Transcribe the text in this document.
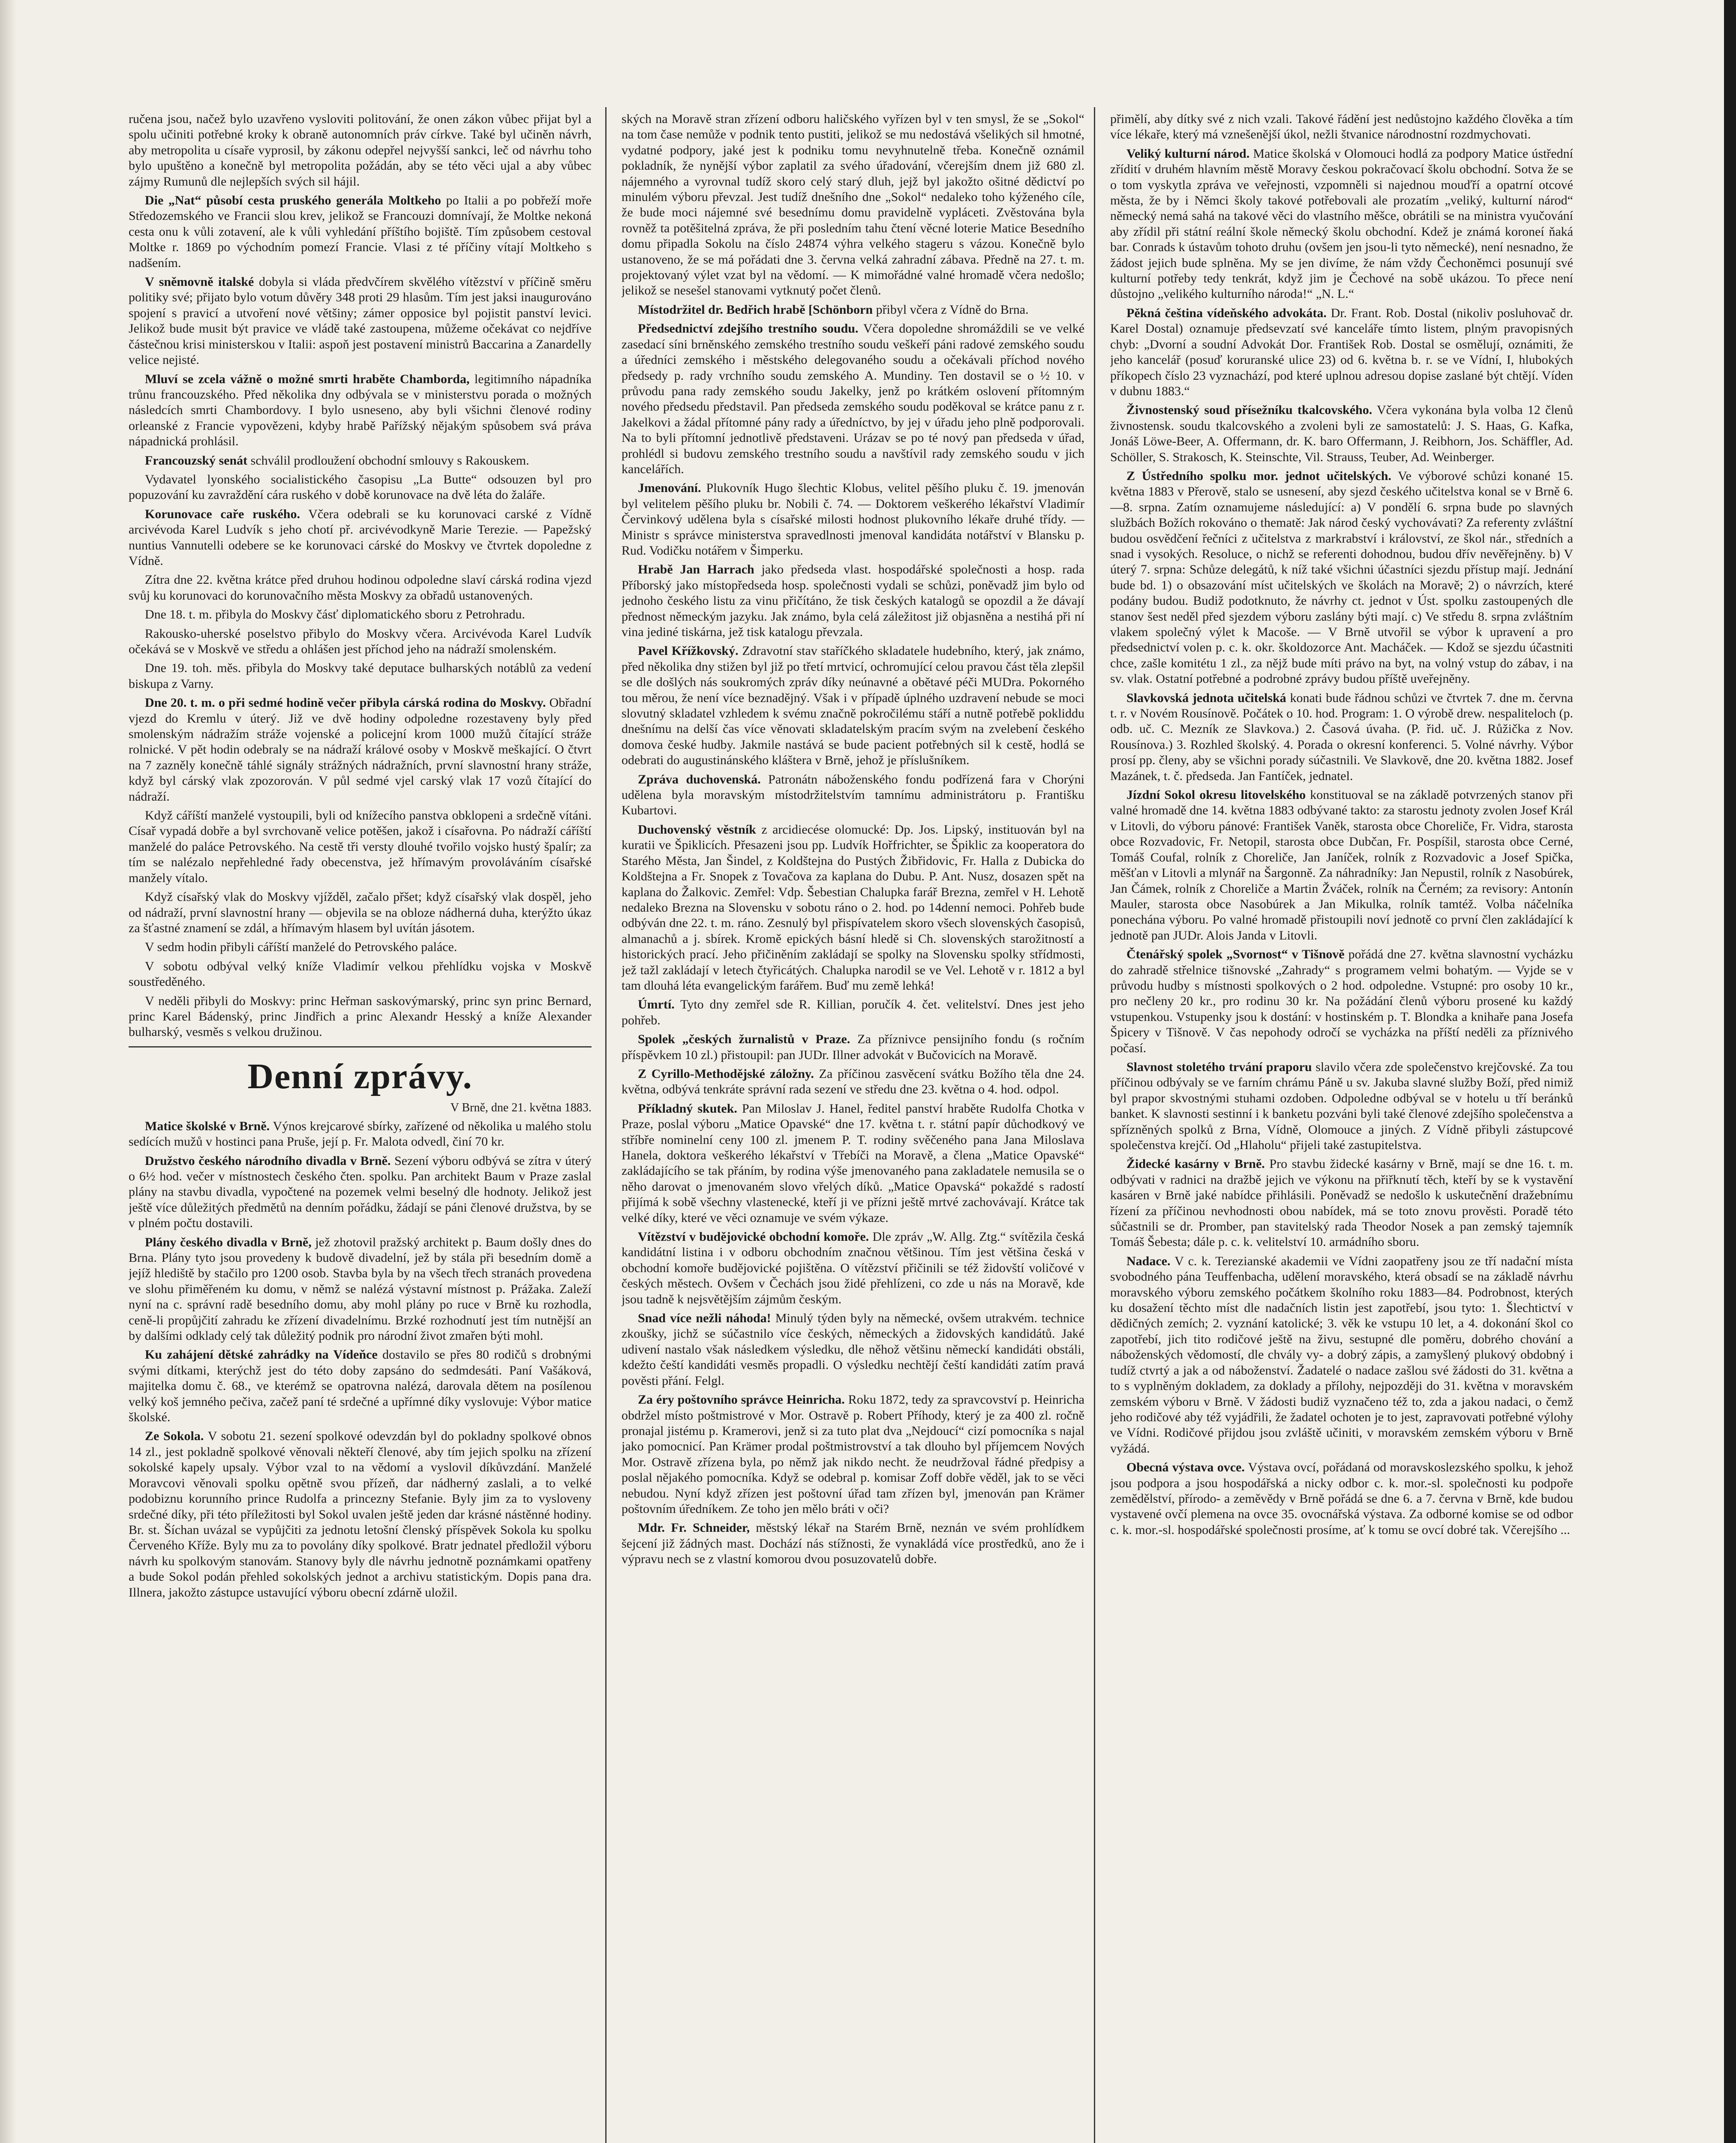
ručena jsou, načež bylo uzavřeno vysloviti politování, že onen zákon vůbec přijat byl a spolu učiniti potřebné kroky k obraně autonomních práv církve. Také byl učiněn návrh, aby metropolita u císaře vyprosil, by zákonu odepřel nejvyšší sankci, leč od návrhu toho bylo upuštěno a konečně byl metropolita požádán, aby se této věci ujal a aby vůbec zájmy Rumunů dle nejlepších svých sil hájil.

Die „Nat“ působí cesta pruského generála Moltkeho po Italii a po pobřeží moře Středozemského ve Francii slou krev, jelikož se Francouzi domnívají, že Moltke nekoná cesta onu k vůli zotavení, ale k vůli vyhledání příštího bojiště. Tím způsobem cestoval Moltke r. 1869 po východním pomezí Francie. Vlasi z té příčiny vítají Moltkeho s nadšením.

V sněmovně italské dobyla si vláda předvčírem skvělého vítězství v příčině směru politiky své; přijato bylo votum důvěry 348 proti 29 hlasům. Tím jest jaksi inaugurováno spojení s pravicí a utvoření nové většiny; zámer opposice byl pojistit panství levici. Jelikož bude musit být pravice ve vládě také zastoupena, můžeme očekávat co nejdříve částečnou krisi ministerskou v Italii: aspoň jest postavení ministrů Baccarina a Zanardelly velice nejisté.

Mluví se zcela vážně o možné smrti hraběte Chamborda, legitimního nápadníka trůnu francouzského. Před několika dny odbývala se v ministerstvu porada o možných následcích smrti Chambordovy. I bylo usneseno, aby byli všichni členové rodiny orleanské z Francie vypovězeni, kdyby hrabě Pařížský nějakým spůsobem svá práva nápadnická prohlásil.

Francouzský senát schválil prodloužení obchodní smlouvy s Rakouskem.

Vydavatel lyonského socialistického časopisu „La Butte“ odsouzen byl pro popuzování ku zavraždění cára ruského v době korunovace na dvě léta do žaláře.

Korunovace caře ruského. Včera odebrali se ku korunovaci carské z Vídně arcivévoda Karel Ludvík s jeho chotí př. arcivévodkyně Marie Terezie. — Papežský nuntius Vannutelli odebere se ke korunovaci cárské do Moskvy ve čtvrtek dopoledne z Vídně.

Zítra dne 22. května krátce před druhou hodinou odpoledne slaví cárská rodina vjezd svůj ku korunovaci do korunovačního města Moskvy za obřadů ustanovených.

Dne 18. t. m. přibyla do Moskvy čásť diplomatického sboru z Petrohradu.

Rakousko-uherské poselstvo přibylo do Moskvy včera. Arcivévoda Karel Ludvík očekává se v Moskvě ve středu a ohlášen jest příchod jeho na nádraží smolenském.

Dne 19. toh. měs. přibyla do Moskvy také deputace bulharských notáblů za vedení biskupa z Varny.

Dne 20. t. m. o při sedmé hodině večer přibyla cárská rodina do Moskvy. Obřadní vjezd do Kremlu v úterý. Již ve dvě hodiny odpoledne rozestaveny byly před smolenským nádražím stráže vojenské a policejní krom 1000 mužů čítající stráže rolnické. V pět hodin odebraly se na nádraží králové osoby v Moskvě meškající. O čtvrt na 7 zazněly konečně táhlé signály strážných nádražních, první slavnostní hrany stráže, když byl cárský vlak zpozorován. V půl sedmé vjel carský vlak 17 vozů čítající do nádraží.

Když cáříští manželé vystoupili, byli od knížecího panstva obklopeni a srdečně vítáni. Císař vypadá dobře a byl svrchovaně velice potěšen, jakož i císařovna. Po nádraží cáříští manželé do paláce Petrovského. Na cestě tři versty dlouhé tvořilo vojsko hustý špalír; za tím se nalézalo nepřehledné řady obecenstva, jež hřímavým provoláváním císařské manžely vítalo.

Když císařský vlak do Moskvy vjížděl, začalo přšet; když císařský vlak dospěl, jeho od nádraží, první slavnostní hrany — objevila se na obloze nádherná duha, kterýžto úkaz za šťastné znamení se zdál, a hřímavým hlasem byl uvítán jásotem.

V sedm hodin přibyli cáříští manželé do Petrovského paláce.

V sobotu odbýval velký kníže Vladimír velkou přehlídku vojska v Moskvě soustředěného.

V neděli přibyli do Moskvy: princ Heřman saskovýmarský, princ syn princ Bernard, princ Karel Bádenský, princ Jindřich a princ Alexandr Hesský a kníže Alexander bulharský, vesměs s velkou družinou.

Denní zprávy.
V Brně, dne 21. května 1883.

Matice školské v Brně. Výnos krejcarové sbírky, zařízené od několika u malého stolu sedících mužů v hostinci pana Pruše, její p. Fr. Malota odvedl, činí 70 kr.

Družstvo českého národního divadla v Brně. Sezení výboru odbývá se zítra v úterý o 6½ hod. večer v místnostech českého čten. spolku. Pan architekt Baum v Praze zaslal plány na stavbu divadla, vypočtené na pozemek velmi beselný dle hodnoty. Jelikož jest ještě více důležitých předmětů na denním pořádku, žádají se páni členové družstva, by se v plném počtu dostavili.

Plány českého divadla v Brně, jež zhotovil pražský architekt p. Baum došly dnes do Brna. Plány tyto jsou provedeny k budově divadelní, jež by stála při besedním domě a jejíž hlediště by stačilo pro 1200 osob. Stavba byla by na všech třech stranách provedena ve slohu přiměřeném ku domu, v němž se nalézá výstavní místnost p. Prážaka. Zaleží nyní na c. správní radě besedního domu, aby mohl plány po ruce v Brně ku rozhodla, ceně-li propůjčití zahradu ke zřízení divadelnímu. Brzké rozhodnutí jest tím nutnější an by dalšími odklady celý tak důležitý podnik pro národní život zmařen býti mohl.

Ku zahájení dětské zahrádky na Vídeňce dostavilo se přes 80 rodičů s drobnými svými dítkami, kterýchž jest do této doby zapsáno do sedmdesáti. Paní Vašáková, majitelka domu č. 68., ve kterémž se opatrovna nalézá, darovala dětem na posílenou velký koš jemného pečiva, začež paní té srdečné a upřímné díky vyslovuje: Výbor matice školské.

Ze Sokola. V sobotu 21. sezení spolkové odevzdán byl do pokladny spolkové obnos 14 zl., jest pokladně spolkové věnovali někteří členové, aby tím jejich spolku na zřízení sokolské kapely upsaly. Výbor vzal to na vědomí a vyslovil díkůvzdání. Manželé Moravcovi věnovali spolku opětně svou přízeň, dar nádherný zaslali, a to velké podobiznu korunního prince Rudolfa a princezny Stefanie. Byly jim za to vysloveny srdečné díky, při této příležitosti byl Sokol uvalen ještě jeden dar krásné nástěnné hodiny. Br. st. Šíchan uvázal se vypůjčiti za jednotu letošní členský příspěvek Sokola ku spolku Červeného Kříže. Byly mu za to povolány díky spolkové. Bratr jednatel předložil výboru návrh ku spolkovým stanovám. Stanovy byly dle návrhu jednotně poznámkami opatřeny a bude Sokol podán přehled sokolských jednot a archivu statistickým. Dopis pana dra. Illnera, jakožto zástupce ustavující výboru obecní zdárně uložil.

ských na Moravě stran zřízení odboru haličského vyřízen byl v ten smysl, že se „Sokol“ na tom čase nemůže v podnik tento pustiti, jelikož se mu nedostává všelikých sil hmotné, vydatné podpory, jaké jest k podniku tomu nevyhnutelně třeba. Konečně oznámil pokladník, že nynější výbor zaplatil za svého úřadování, včerejším dnem již 680 zl. nájemného a vyrovnal tudíž skoro celý starý dluh, jejž byl jakožto ošitné dědictví po minulém výboru převzal. Jest tudíž dnešního dne „Sokol“ nedaleko toho kýženého cíle, že bude moci nájemné své besednímu domu pravidelně vypláceti. Zvěstována byla rovněž ta potěšitelná zpráva, že při posledním tahu čtení věcné loterie Matice Besedního domu připadla Sokolu na číslo 24874 výhra velkého stageru s vázou. Konečně bylo ustanoveno, že se má pořádati dne 3. června velká zahradní zábava. Předně na 27. t. m. projektovaný výlet vzat byl na vědomí. — K mimořádné valné hromadě včera nedošlo; jelikož se nesešel stanovami vytknutý počet členů.

Místodržitel dr. Bedřich hrabě [Schönborn přibyl včera z Vídně do Brna.

Předsednictví zdejšího trestního soudu. Včera dopoledne shromáždili se ve velké zasedací síni brněnského zemského trestního soudu veškeří páni radové zemského soudu a úředníci zemského i městského delegovaného soudu a očekávali příchod nového předsedy p. rady vrchního soudu zemského A. Mundiny. Ten dostavil se o ½ 10. v průvodu pana rady zemského soudu Jakelky, jenž po krátkém oslovení přítomným nového předsedu představil. Pan předseda zemského soudu poděkoval se krátce panu z r. Jakelkovi a žádal přítomné pány rady a úředníctvo, by jej v úřadu jeho plně podporovali. Na to byli přítomní jednotlivě představeni. Urázav se po té nový pan předseda v úřad, prohlédl si budovu zemského trestního soudu a navštívil rady zemského soudu v jich kancelářích.

Jmenování. Plukovník Hugo šlechtic Klobus, velitel pěšího pluku č. 19. jmenován byl velitelem pěšího pluku br. Nobili č. 74. — Doktorem veškerého lékařství Vladimír Červinkový udělena byla s císařské milosti hodnost plukovního lékaře druhé třídy. — Ministr s správce ministerstva spravedlnosti jmenoval kandidáta notářství v Blansku p. Rud. Vodičku notářem v Šimperku.

Hrabě Jan Harrach jako předseda vlast. hospodářské společnosti a hosp. rada Příborský jako místopředseda hosp. společnosti vydali se schůzi, poněvadž jim bylo od jednoho českého listu za vinu přičítáno, že tisk českých katalogů se opozdil a že dávají přednost německým jazyku. Jak známo, byla celá záležitost již objasněna a nestihá při ní vina jediné tiskárna, jež tisk katalogu převzala.

Pavel Křížkovský. Zdravotní stav staříčkého skladatele hudebního, který, jak známo, před několika dny stižen byl již po třetí mrtvicí, ochromující celou pravou část těla zlepšil se dle došlých nás soukromých zpráv díky neúnavné a obětavé péči MUDra. Pokorného tou měrou, že není více beznadějný. Však i v případě úplného uzdravení nebude se moci slovutný skladatel vzhledem k svému značně pokročilému stáří a nutně potřebě pokliddu dnešnímu na delší čas více věnovati skladatelským pracím svým na zvelebení českého domova české hudby. Jakmile nastává se bude pacient potřebných sil k cestě, hodlá se odebrati do augustinánského kláštera v Brně, jehož je příslušníkem.

Zpráva duchovenská. Patronátn náboženského fondu podřízená fara v Chorýni udělena byla moravským místodržitelstvím tamnímu administrátoru p. Františku Kubartovi.

Duchovenský věstník z arcidiecése olomucké: Dp. Jos. Lipský, instituován byl na kuratii ve Špiklicích. Přesazeni jsou pp. Ludvík Hořfrichter, se Špiklic za kooperatora do Starého Města, Jan Šindel, z Koldštejna do Pustých Žibřidovic, Fr. Halla z Dubicka do Koldštejna a Fr. Snopek z Tovačova za kaplana do Dubu. P. Ant. Nusz, dosazen spět na kaplana do Žalkovic. Zemřel: Vdp. Šebestian Chalupka farář Brezna, zemřel v H. Lehotě nedaleko Brezna na Slovensku v sobotu ráno o 2. hod. po 14denní nemoci. Pohřeb bude odbýván dne 22. t. m. ráno. Zesnulý byl přispívatelem skoro všech slovenských časopisů, almanachů a j. sbírek. Kromě epických básní hledě si Ch. slovenských starožitností a historických prací. Jeho přičiněním zakládají se spolky na Slovensku spolky střídmosti, jež tažl zakládají v letech čtyřicátých. Chalupka narodil se ve Vel. Lehotě v r. 1812 a byl tam dlouhá léta evangelickým farářem. Buď mu země lehká!

Úmrtí. Tyto dny zemřel sde R. Killian, poručík 4. čet. velitelství. Dnes jest jeho pohřeb.

Spolek „českých žurnalistů v Praze. Za příznivce pensijního fondu (s ročním příspěvkem 10 zl.) přistoupil: pan JUDr. Illner advokát v Bučovicích na Moravě.

Z Cyrillo-Methodějské záložny. Za příčinou zasvěcení svátku Božího těla dne 24. května, odbývá tenkráte správní rada sezení ve středu dne 23. května o 4. hod. odpol.

Příkladný skutek. Pan Miloslav J. Hanel, ředitel panství hraběte Rudolfa Chotka v Praze, poslal výboru „Matice Opavské“ dne 17. května t. r. státní papír důchodkový ve stříbře nominelní ceny 100 zl. jmenem P. T. rodiny svěčeného pana Jana Miloslava Hanela, doktora veškerého lékařství v Třebíči na Moravě, a člena „Matice Opavské“ zakládajícího se tak přáním, by rodina výše jmenovaného pana zakladatele nemusila se o něho darovat o jmenovaném slovo vřelých díků. „Matice Opavská“ pokaždé s radostí přijímá k sobě všechny vlastenecké, kteří ji ve přízni ještě mrtvé zachovávají. Krátce tak velké díky, které ve věci oznamuje ve svém výkaze.

Vítězství v budějovické obchodní komoře. Dle zpráv „W. Allg. Ztg.“ svítězila česká kandidátní listina i v odboru obchodním značnou většinou. Tím jest většina česká v obchodní komoře budějovické pojištěna. O vítězství přičinili se též židovští voličové v českých městech. Ovšem v Čechách jsou židé přehlízeni, co zde u nás na Moravě, kde jsou tadně k nejsvětějším zájmům českým.

Snad více nežli náhoda! Minulý týden byly na německé, ovšem utrakvém. technice zkoušky, jichž se súčastnilo více českých, německých a židovských kandidátů. Jaké udivení nastalo však následkem výsledku, dle něhož většinu německí kandidáti obstáli, kdežto čeští kandidáti vesměs propadli. O výsledku nechtějí čeští kandidáti zatím pravá pověsti přání. Felgl.

Za éry poštovního správce Heinricha. Roku 1872, tedy za spravcovství p. Heinricha obdržel místo poštmistrové v Mor. Ostravě p. Robert Příhody, který je za 400 zl. ročně pronajal jistému p. Kramerovi, jenž si za tuto plat dva „Nejdoucí“ cizí pomocníka s najal jako pomocnicí. Pan Krämer prodal poštmistrovství a tak dlouho byl příjemcem Nových Mor. Ostravě zřízena byla, po němž jak nikdo necht. že neudržoval řádné předpisy a poslal nějakého pomocníka. Když se odebral p. komisar Zoff dobře věděl, jak to se věci nebudou. Nyní když zřízen jest poštovní úřad tam zřízen byl, jmenován pan Krämer poštovním úředníkem. Ze toho jen mělo bráti v oči?

Mdr. Fr. Schneider, městský lékař na Starém Brně, neznán ve svém prohlídkem šejcení již žádných mast. Dochází nás stížnosti, že vynakládá více prostředků, ano že i výpravu nech se z vlastní komorou dvou posuzovatelů dobře.

přimělí, aby dítky své z nich vzali. Takové řádění jest nedůstojno každého člověka a tím více lékaře, který má vznešenější úkol, nežli štvanice národnostní rozdmychovati.

Veliký kulturní národ. Matice školská v Olomouci hodlá za podpory Matice ústřední zřídití v druhém hlavním městě Moravy českou pokračovací školu obchodní. Sotva že se o tom vyskytla zpráva ve veřejnosti, vzpomněli si najednou mouďří a opatrní otcové města, že by i Němci školy takové potřebovali ale prozatím „veliký, kulturní národ“ německý nemá sahá na takové věci do vlastního měšce, obrátili se na ministra vyučování aby zřídil při státní reální škole německý školu obchodní. Kdež je známá koroneí ňaká bar. Conrads k ústavům tohoto druhu (ovšem jen jsou-li tyto německé), není nesnadno, že žádost jejich bude splněna. My se jen divíme, že nám vždy Čechoněmci posunují své kulturní potřeby tedy tenkrát, když jim je Čechové na sobě ukázou. To přece není důstojno „velikého kulturního národa!“ „N. L.“

Pěkná čeština vídeňského advokáta. Dr. Frant. Rob. Dostal (nikoliv posluhovač dr. Karel Dostal) oznamuje předsevzatí své kanceláře tímto listem, plným pravopisných chyb: „Dvorní a soudní Advokát Dor. František Rob. Dostal se osmělují, oznámiti, že jeho kancelář (posuď koruranské ulice 23) od 6. května b. r. se ve Vídní, I, hlubokých příkopech číslo 23 vyznachází, pod které uplnou adresou dopise zaslané být chtějí. Víden v dubnu 1883.“

Živnostenský soud přísežníku tkalcovského. Včera vykonána byla volba 12 členů živnostensk. soudu tkalcovského a zvoleni byli ze samostatelů: J. S. Haas, G. Kafka, Jonáš Löwe-Beer, A. Offermann, dr. K. baro Offermann, J. Reibhorn, Jos. Schäffler, Ad. Schöller, S. Strakosch, K. Steinschte, Vil. Strauss, Teuber, Ad. Weinberger.

Z Ústředního spolku mor. jednot učitelských. Ve výborové schůzi konané 15. května 1883 v Přerově, stalo se usnesení, aby sjezd českého učitelstva konal se v Brně 6.—8. srpna. Zatím oznamujeme následující: a) V pondělí 6. srpna bude po slavných službách Božích rokováno o thematě: Jak národ český vychovávati? Za referenty zvláštní budou osvědčení řečníci z učitelstva z markrabství i království, ze škol nár., středních a snad i vysokých. Resoluce, o nichž se referenti dohodnou, budou dřív nevěřejněny. b) V úterý 7. srpna: Schůze delegátů, k níž také všichni účastníci sjezdu přístup mají. Jednání bude bd. 1) o obsazování míst učitelských ve školách na Moravě; 2) o návrzích, které podány budou. Budiž podotknuto, že návrhy ct. jednot v Úst. spolku zastoupených dle stanov šest neděl před sjezdem výboru zaslány býti mají. c) Ve středu 8. srpna zvláštním vlakem společný výlet k Macoše. — V Brně utvořil se výbor k upravení a pro předsednictví volen p. c. k. okr. školdozorce Ant. Macháček. — Kdož se sjezdu účastniti chce, zašle komitétu 1 zl., za nějž bude míti právo na byt, na volný vstup do zábav, i na sv. vlak. Ostatní potřebné a podrobné zprávy budou příště uveřejněny.

Slavkovská jednota učitelská konati bude řádnou schůzi ve čtvrtek 7. dne m. června t. r. v Novém Rousínově. Počátek o 10. hod. Program: 1. O výrobě drew. nespaliteloch (p. odb. uč. C. Mezník ze Slavkova.) 2. Časová úvaha. (P. řid. uč. J. Růžička z Nov. Rousínova.) 3. Rozhled školský. 4. Porada o okresní konferenci. 5. Volné návrhy. Výbor prosí pp. členy, aby se všichni porady súčastnili. Ve Slavkově, dne 20. května 1882. Josef Mazánek, t. č. předseda. Jan Fantíček, jednatel.

Jízdní Sokol okresu litovelského konstituoval se na základě potvrzených stanov při valné hromadě dne 14. května 1883 odbývané takto: za starostu jednoty zvolen Josef Král v Litovli, do výboru pánové: František Vaněk, starosta obce Choreliče, Fr. Vidra, starosta obce Rozvadovic, Fr. Netopil, starosta obce Dubčan, Fr. Pospíšil, starosta obce Cerné, Tomáš Coufal, rolník z Choreliče, Jan Janíček, rolník z Rozvadovic a Josef Spička, měšťan v Litovli a mlynář na Šargonně. Za náhradníky: Jan Nepustil, rolník z Nasobúrek, Jan Čámek, rolník z Choreliče a Martin Žváček, rolník na Černém; za revisory: Antonín Mauler, starosta obce Nasobúrek a Jan Mikulka, rolník tamtéž. Volba náčelníka ponechána výboru. Po valné hromadě přistoupili noví jednotě co první člen zakládající k jednotě pan JUDr. Alois Janda v Litovli.

Čtenářský spolek „Svornost“ v Tišnově pořádá dne 27. května slavnostní vycházku do zahradě střelnice tišnovské „Zahrady“ s programem velmi bohatým. — Vyjde se v průvodu hudby s místnosti spolkových o 2 hod. odpoledne. Vstupné: pro osoby 10 kr., pro nečleny 20 kr., pro rodinu 30 kr. Na požádání členů výboru prosené ku každý vstupenkou. Vstupenky jsou k dostání: v hostinském p. T. Blondka a knihaře pana Josefa Špicery v Tišnově. V čas nepohody odročí se vycházka na příští neděli za příznivého počasí.

Slavnost stoletého trvání praporu slavilo včera zde společenstvo krejčovské. Za tou příčinou odbývaly se ve farním chrámu Páně u sv. Jakuba slavné služby Boží, před nimiž byl prapor skvostnými stuhami ozdoben. Odpoledne odbýval se v hotelu u tří beránků banket. K slavnosti sestinní i k banketu pozváni byli také členové zdejšího společenstva a spřízněných spolků z Brna, Vídně, Olomouce a jiných. Z Vídně přibyli zástupcové společenstva krejčí. Od „Hlaholu“ přijeli také zastupitelstva.

Židecké kasárny v Brně. Pro stavbu židecké kasárny v Brně, mají se dne 16. t. m. odbývati v radnici na dražbě jejich ve výkonu na přiřknutí těch, kteří by se k vystavění kasáren v Brně jaké nabídce přihlásili. Poněvadž se nedošlo k uskutečnění dražebnímu řízení za příčinou nevhodnosti obou nabídek, má se toto znovu prověsti. Poradě této sůčastnili se dr. Promber, pan stavitelský rada Theodor Nosek a pan zemský tajemník Tomáš Šebesta; dále p. c. k. velitelství 10. armádního sboru.

Nadace. V c. k. Terezianské akademii ve Vídni zaopatřeny jsou ze tří nadační místa svobodného pána Teuffenbacha, udělení moravského, která obsadí se na základě návrhu moravského výboru zemského počátkem školního roku 1883—84. Podrobnost, kterých ku dosažení těchto míst dle nadačních listin jest zapotřebí, jsou tyto: 1. Šlechtictví v dědičných zemích; 2. vyznání katolické; 3. věk ke vstupu 10 let, a 4. dokonání škol co zapotřebí, jich tito rodičové ještě na živu, sestupné dle poměru, dobrého chování a náboženských vědomostí, dle chvály vy- a dobrý zápis, a zamyšlený plukový obdobný i tudíž ctvrtý a jak a od náboženství. Žadatelé o nadace zašlou své žádosti do 31. května a to s vyplněným dokladem, za doklady a přílohy, nejpozději do 31. května v moravském zemském výboru v Brně. V žádosti budiž vyznačeno též to, zda a jakou nadaci, o čemž jeho rodičové aby též vyjádřili, že žadatel ochoten je to jest, zapravovati potřebné výlohy ve Vídni. Rodičové přijdou jsou zvláště učiniti, v moravském zemském výboru v Brně vyžádá.

Obecná výstava ovce. Výstava ovcí, pořádaná od moravskoslezského spolku, k jehož jsou podpora a jsou hospodářská a nicky odbor c. k. mor.-sl. společnosti ku podpoře zemědělství, přírodo- a zeměvědy v Brně pořádá se dne 6. a 7. června v Brně, kde budou vystavené ovčí plemena na ovce 35. ovocnářská výstava. Za odborné komise se od odbor c. k. mor.-sl. hospodářské společnosti prosíme, ať k tomu se ovcí dobré tak. Včerejšího ...
